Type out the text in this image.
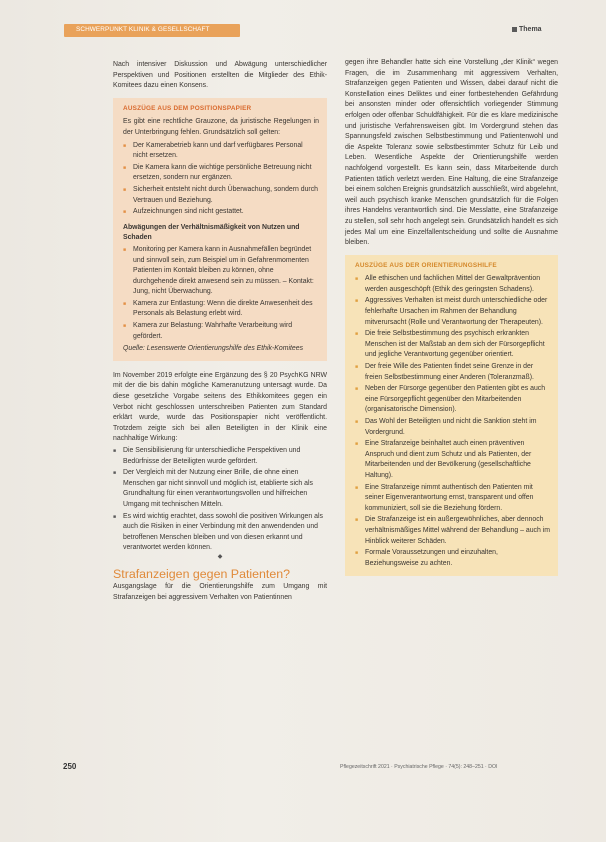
SCHWERPUNKT KLINIK & GESELLSCHAFT	Thema

Nach intensiver Diskussion und Abwägung unterschiedlicher Perspektiven und Positionen erstellten die Mitglieder des Ethik-Komitees dazu einen Konsens.

AUSZÜGE AUS DEM POSITIONSPAPIER

Es gibt eine rechtliche Grauzone, da juristische Regelungen in der Unterbringung fehlen. Grundsätzlich soll gelten:

■ Der Kamerabetrieb kann und darf verfügbares Personal nicht ersetzen.
■ Die Kamera kann die wichtige persönliche Betreuung nicht ersetzen, sondern nur ergänzen.
■ Sicherheit entsteht nicht durch Überwachung, sondern durch Vertrauen und Beziehung.
■ Aufzeichnungen sind nicht gestattet.
Abwägungen der Verhältnismäßigkeit von Nutzen und Schaden
■ Monitoring per Kamera kann in Ausnahmefällen begründet und sinnvoll sein, zum Beispiel um in Gefahrenmomenten Patienten im Kontakt bleiben zu können, ohne durchgehende direkt anwesend sein zu müssen. – Kontakt: Jung, nicht Überwachung.
■ Kamera zur Entlastung: Wenn die direkte Anwesenheit des Personals als Belastung erlebt wird.
■ Kamera zur Belastung: Wahrhafte Verarbeitung wird gefördert.
Quelle: Lesenswerte Orientierungshilfe des Ethik-Komitees

Im November 2019 erfolgte eine Ergänzung des § 20 PsychKG NRW mit der die bis dahin mögliche Kameranutzung untersagt wurde. Da diese gesetzliche Vorgabe seitens des Ethikkomitees gegen ein Verbot nicht geschlossen unterschreiben Patienten zum Standard erklärt wurde, wurde das Positionspapier nicht veröffentlicht. Trotzdem zeigte sich bei allen Beteiligten in der Klinik eine nachhaltige Wirkung:

■ Die Sensibilisierung für unterschiedliche Perspektiven und Bedürfnisse der Beteiligten wurde gefördert.
■ Der Vergleich mit der Nutzung einer Brille, die ohne einen Menschen gar nicht sinnvoll und möglich ist, etablierte sich als Grundhaltung für einen verantwortungsvollen und hilfreichen Umgang mit technischen Mitteln.
■ Es wird wichtig erachtet, dass sowohl die positiven Wirkungen als auch die Risiken in einer Verbindung mit den anwendenden und betroffenen Menschen bleiben und von diesen erkannt und verantwortet werden können.
◆
Strafanzeigen gegen Patienten?

Ausgangslage für die Orientierungshilfe zum Umgang mit Strafanzeigen bei aggressivem Verhalten von Patientinnen

gegen ihre Behandler hatte sich eine Vorstellung „der Klinik“ wegen Fragen, die im Zusammenhang mit aggressivem Verhalten, Strafanzeigen gegen Patienten und Wissen, dabei darauf nicht die Konstellation eines Deliktes und einer fortbestehenden Gefährdung bei ansonsten minder oder offensichtlich vorliegender Stimmung erfolgen oder offenbar Schuldfähigkeit. Für die es klare medizinische und juristische Verfahrensweisen gibt. Im Vordergrund stehen das Spannungsfeld zwischen Selbstbestimmung und Patientenwohl und die Aspekte Toleranz sowie selbstbestimmter Schutz für Leib und Leben. Wesentliche Aspekte der Orientierungshilfe werden nachfolgend vorgestellt. Es kann sein, dass Mitarbeitende durch Patienten tätlich verletzt werden. Eine Haltung, die eine Strafanzeige bei einem solchen Ereignis grundsätzlich ausschließt, wird abgelehnt, weil auch psychisch kranke Menschen grundsätzlich für die Folgen ihres Handelns verantwortlich sind. Die Messlatte, eine Strafanzeige zu stellen, soll sehr hoch angelegt sein. Grundsätzlich handelt es sich jedes Mal um eine Einzelfallentscheidung und sollte die Ausnahme bleiben.

AUSZÜGE AUS DER ORIENTIERUNGSHILFE
■ Alle ethischen und fachlichen Mittel der Gewaltprävention werden ausgeschöpft (Ethik des geringsten Schadens).
■ Aggressives Verhalten ist meist durch unterschiedliche oder fehlerhafte Ursachen im Rahmen der Behandlung mitverursacht (Rolle und Verantwortung der Therapeuten).
■ Die freie Selbstbestimmung des psychisch erkrankten Menschen ist der Maßstab an dem sich der Fürsorgepflicht und jegliche Verantwortung gegenüber orientiert.
■ Der freie Wille des Patienten findet seine Grenze in der freien Selbstbestimmung einer Anderen (Toleranzmaß).
■ Neben der Fürsorge gegenüber den Patienten gibt es auch eine Fürsorgepflicht gegenüber den Mitarbeitenden (organisatorische Dimension).
■ Das Wohl der Beteiligten und nicht die Sanktion steht im Vordergrund.
■ Eine Strafanzeige beinhaltet auch einen präventiven Anspruch und dient zum Schutz und als Patienten, der Mitarbeitenden und der Bevölkerung (gesellschaftliche Haltung).
■ Eine Strafanzeige nimmt authentisch den Patienten mit seiner Eigenverantwortung ernst, transparent und offen kommuniziert, soll sie die Beziehung fördern.
■ Die Strafanzeige ist ein außergewöhnliches, aber dennoch verhältnismäßiges Mittel während der Behandlung – auch im Hinblick weiterer Schäden.
■ Formale Voraussetzungen und einzuhalten, Beziehungsweise zu achten.
250	Pflegezeitschrift 2021 · Psychiatrische Pflege · 74(5): 248–251 · DOI
